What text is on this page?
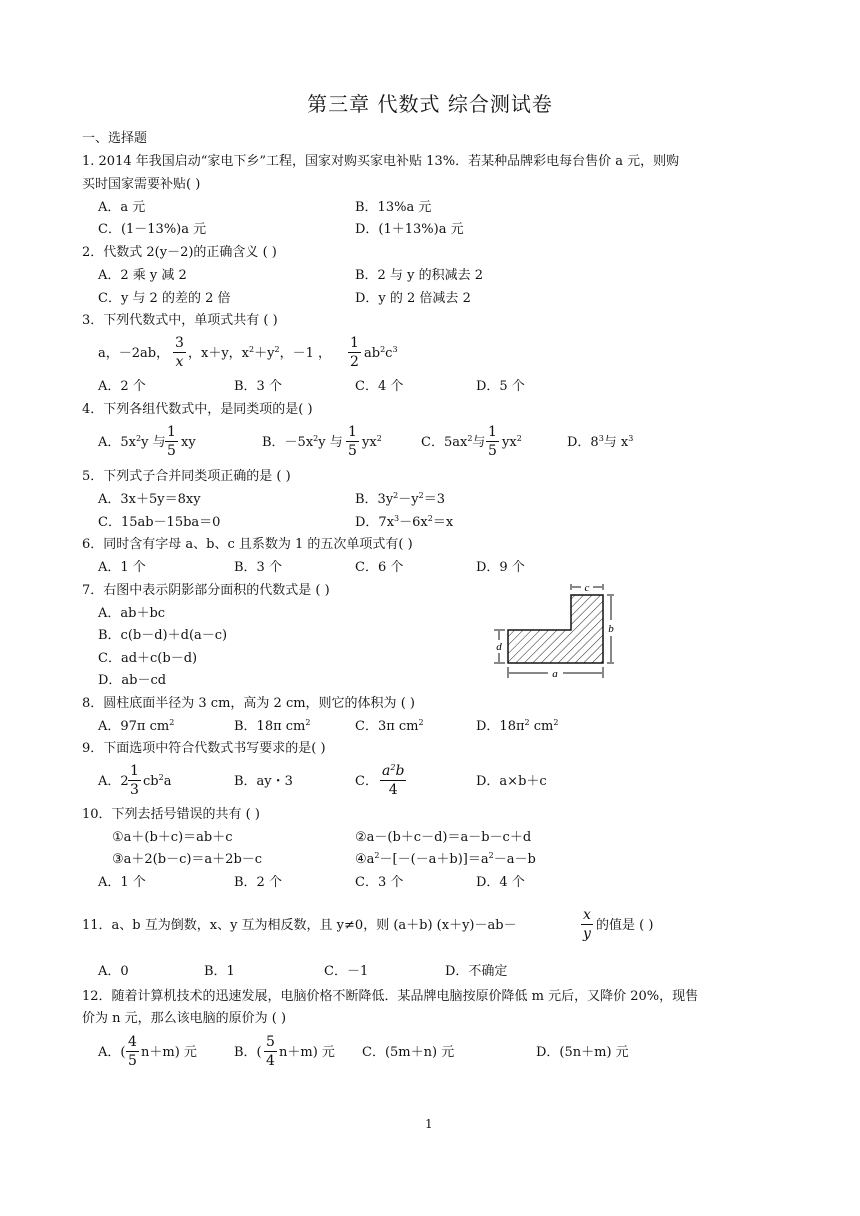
第三章 代数式 综合测试卷
一、选择题
1. 2014 年我国启动“家电下乡”工程，国家对购买家电补贴 13%．若某种品牌彩电每台售价 a 元，则购
买时国家需要补贴( )
A．a 元	B．13%a 元
C．(1－13%)a 元	D．(1＋13%)a 元
2．代数式 2(y－2)的正确含义 ( )
A．2 乘 y 减 2	B．2 与 y 的积减去 2
C．y 与 2 的差的 2 倍	D．y 的 2 倍减去 2
3．下列代数式中，单项式共有 ( )
a，－2ab，
3
x
，x＋y，$x^2+y^2$，－1 ，
1
2
$ab^2c^3$
A．2 个	B．3 个	C．4 个	D．5 个
4．下列各组代数式中，是同类项的是( )
A．$5x^2y$ 与
1
5
xy	B．$-5x^2y$ 与
1
5
$yx^2$	C．$5ax^2$与
1
5
$yx^2$	D．$8^3$与 $x^3$
5．下列式子合并同类项正确的是 ( )
A．3x＋5y＝8xy	B．$3y^2-y^2=3$
C．15ab－15ba＝0	D．$7x^3-6x^2=x$
6．同时含有字母 a、b、c 且系数为 1 的五次单项式有( )
A．1 个	B．3 个	C．6 个	D．9 个
7．右图中表示阴影部分面积的代数式是 ( )
A．ab＋bc
B．c(b－d)＋d(a－c)
C．ad＋c(b－d)
D．ab－cd
c
b
d
a
8．圆柱底面半径为 3 cm，高为 2 cm，则它的体积为 ( )
A．97π $cm^2$	B．18π $cm^2$	C．3π $cm^2$	D．$18\pi^2$ $cm^2$
9．下面选项中符合代数式书写要求的是( )
A．2
1
3
$cb^2a$	B．ay・3	C．
$a^2b$
4
D．a×b＋c
10．下列去括号错误的共有 ( )
①a＋(b＋c)＝ab＋c	②a－(b＋c－d)＝a－b－c＋d
③a＋2(b－c)＝a＋2b－c	$④a^2-[-(-a+b)]=a^2-a-b$
A．1 个	B．2 个	C．3 个	D．4 个
11．a、b 互为倒数，x、y 互为相反数，且 y≠0，则 (a＋b) (x＋y)－ab－
x
y
的值是 ( )
A．0	B．1	C．－1	D．不确定
12．随着计算机技术的迅速发展，电脑价格不断降低．某品牌电脑按原价降低 m 元后，又降价 20%，现售
价为 n 元，那么该电脑的原价为 ( )
A．(
4
5
n＋m) 元	B．(
5
4
n＋m) 元 C．(5m＋n) 元	D．(5n＋m) 元
1
